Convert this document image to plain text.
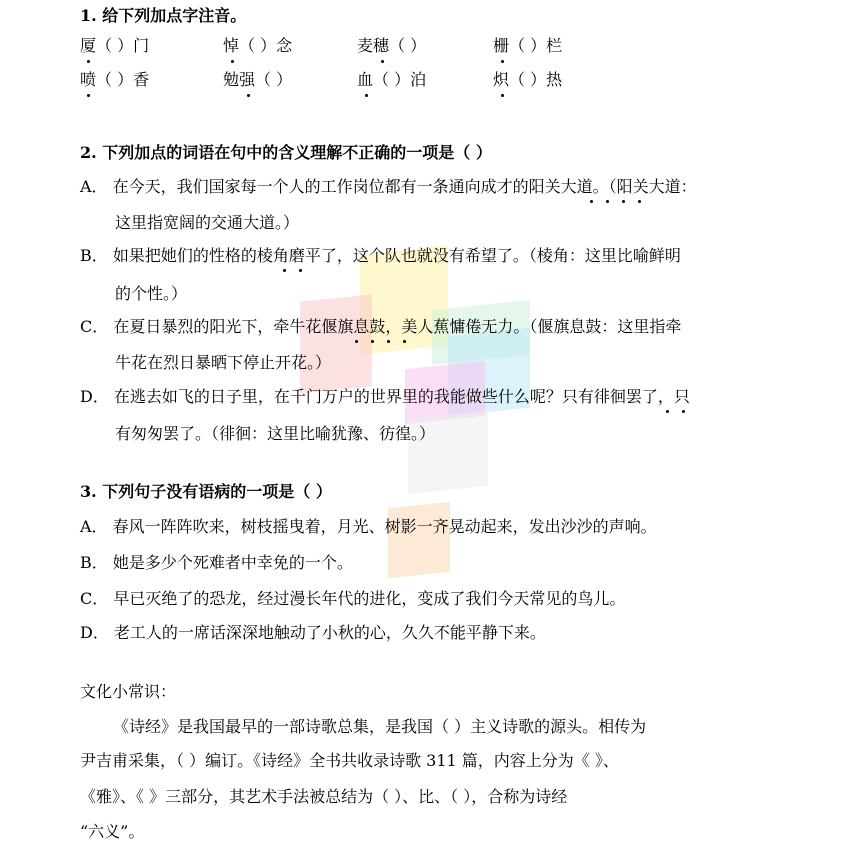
1. 给下列加点字注音。
厦（ ）门	悼（ ）念	麦穗（ ）	栅（ ）栏
喷（ ）香	勉强（ ）	血（ ）泊	炽（ ）热
2. 下列加点的词语在句中的含义理解不正确的一项是（ ）
A． 在今天，我们国家每一个人的工作岗位都有一条通向成才的阳关大道。（阳关大道：
这里指宽阔的交通大道。）
B． 如果把她们的性格的棱角磨平了，这个队也就没有希望了。（棱角：这里比喻鲜明
的个性。）
C． 在夏日暴烈的阳光下，牵牛花偃旗息鼓，美人蕉慵倦无力。（偃旗息鼓：这里指牵
牛花在烈日暴晒下停止开花。）
D． 在逃去如飞的日子里，在千门万户的世界里的我能做些什么呢？只有徘徊罢了，只
有匆匆罢了。（徘徊：这里比喻犹豫、彷徨。）
3. 下列句子没有语病的一项是（ ）
A． 春风一阵阵吹来，树枝摇曳着，月光、树影一齐晃动起来，发出沙沙的声响。
B． 她是多少个死难者中幸免的一个。
C． 早已灭绝了的恐龙，经过漫长年代的进化，变成了我们今天常见的鸟儿。
D． 老工人的一席话深深地触动了小秋的心，久久不能平静下来。
文化小常识：
《诗经》是我国最早的一部诗歌总集，是我国（ ）主义诗歌的源头。相传为
尹吉甫采集，（ ）编订。《诗经》全书共收录诗歌 311 篇，内容上分为《 》、
《雅》、《 》三部分，其艺术手法被总结为（ ）、比、（ ），合称为诗经
“六义”。
